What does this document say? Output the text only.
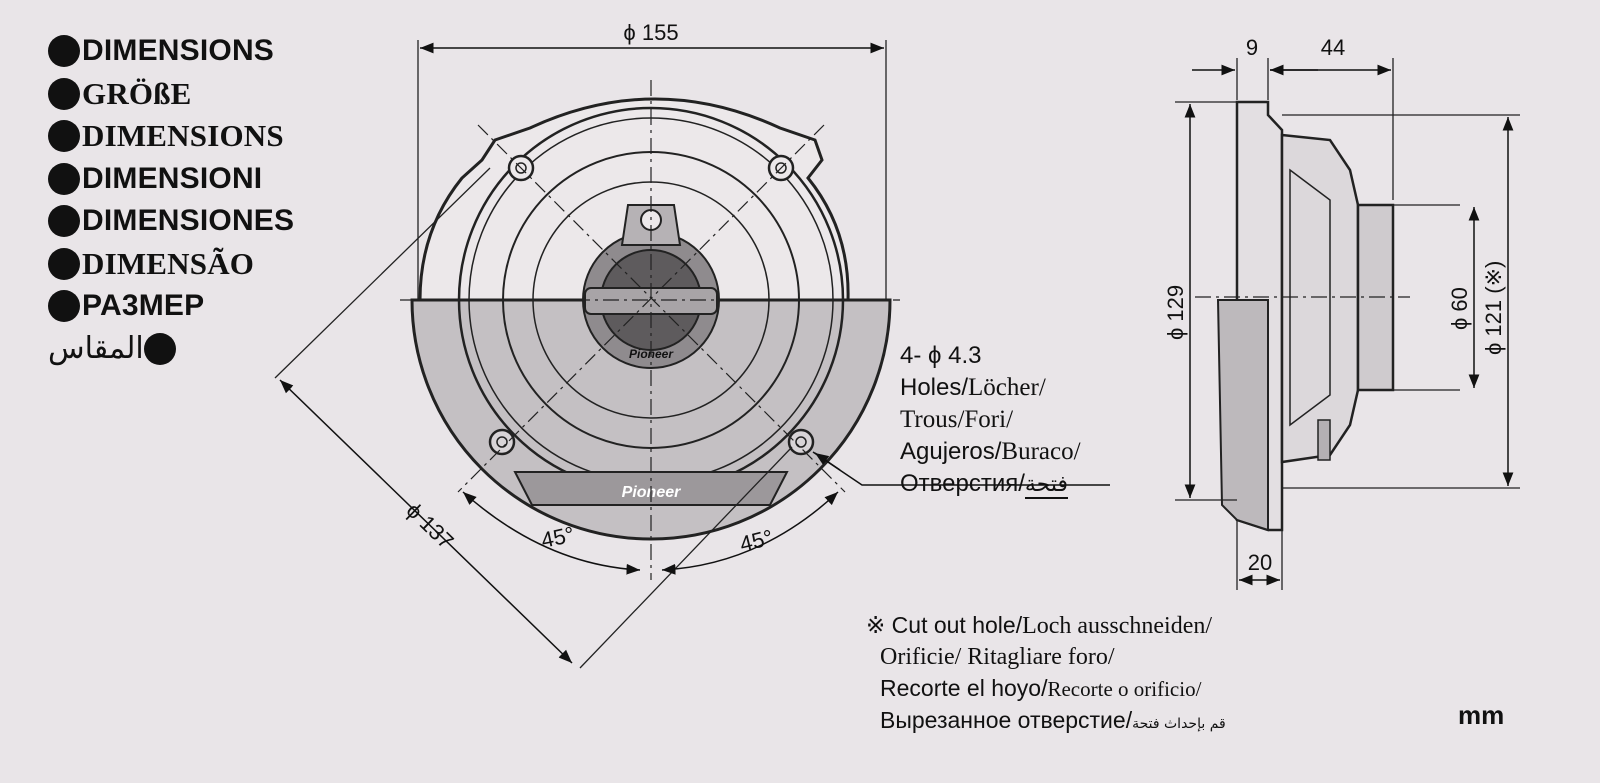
DIMENSIONS
GRÖßE
DIMENSIONS
DIMENSIONI
DIMENSIONES
DIMENSÃO
PA3MEP
المقاس	Pioneer
Pioneer
ϕ 155
ϕ 137	45°	45°
9	44
ϕ 129	ϕ 60 ϕ 121 (※)
20
4- ϕ 4.3
Holes/Löcher/
Trous/Fori/
Agujeros/Buraco/
Отверстия/فتحة
※ Cut out hole/Loch ausschneiden/
Orificie/ Ritagliare foro/
Recorte el hoyo/Recorte o orificio/
Вырезанное отверстие/قم بإحداث فتحة	mm
